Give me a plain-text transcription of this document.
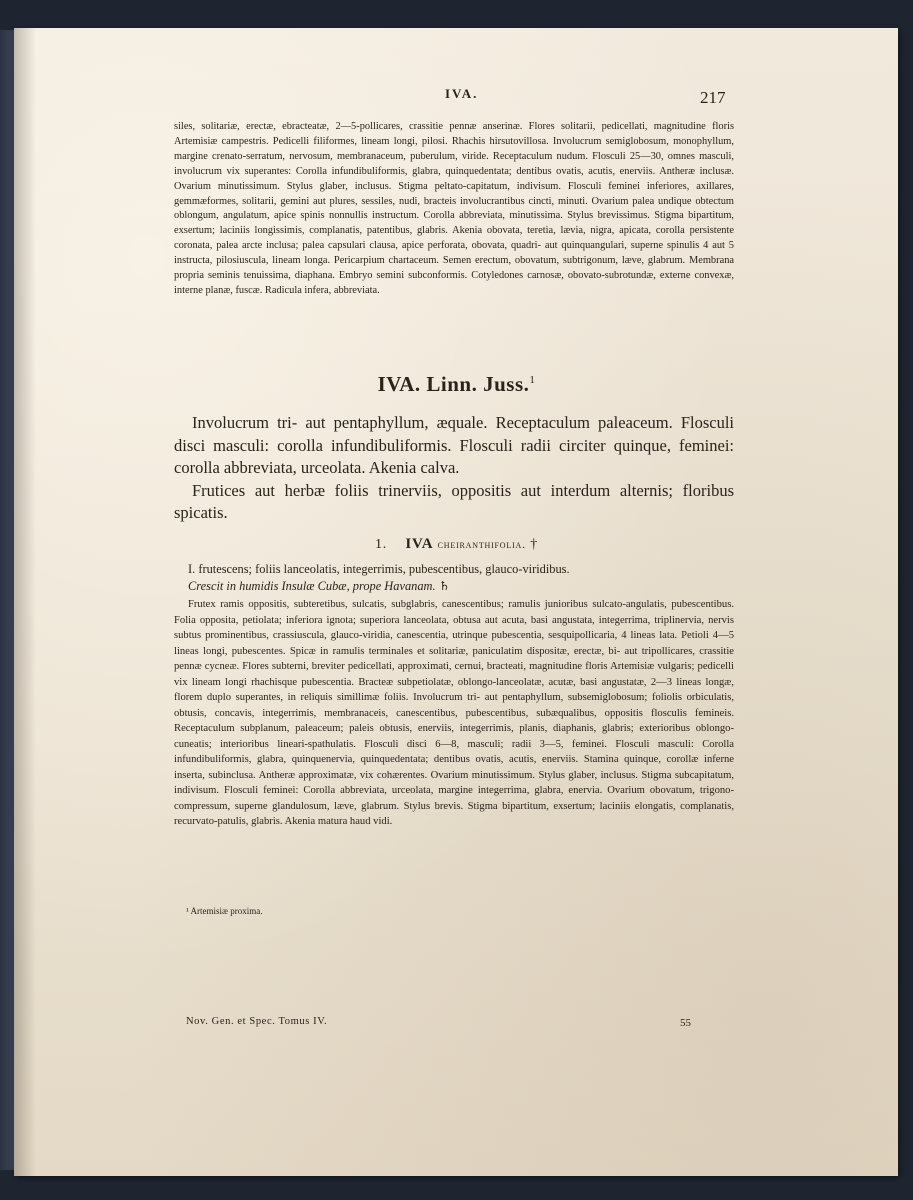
IVA.	217

siles, solitariæ, erectæ, ebracteatæ, 2—5-pollicares, crassitie pennæ anserinæ. Flores solitarii, pedicellati, magnitudine floris Artemisiæ campestris. Pedicelli filiformes, lineam longi, pilosi. Rhachis hirsutovillosa. Involucrum semiglobosum, monophyllum, margine crenato-serratum, nervosum, membranaceum, puberulum, viride. Receptaculum nudum. Flosculi 25—30, omnes masculi, involucrum vix superantes: Corolla infundibuliformis, glabra, quinquedentata; dentibus ovatis, acutis, enerviis. Antheræ inclusæ. Ovarium minutissimum. Stylus glaber, inclusus. Stigma peltato-capitatum, indivisum. Flosculi feminei inferiores, axillares, gemmæformes, solitarii, gemini aut plures, sessiles, nudi, bracteis involucrantibus cincti, minuti. Ovarium palea undique obtectum oblongum, angulatum, apice spinis nonnullis instructum. Corolla abbreviata, minutissima. Stylus brevissimus. Stigma bipartitum, exsertum; laciniis longissimis, complanatis, patentibus, glabris. Akenia obovata, teretia, lævia, nigra, apicata, corolla persistente coronata, palea arcte inclusa; palea capsulari clausa, apice perforata, obovata, quadri- aut quinquangulari, superne spinulis 4 aut 5 instructa, pilosiuscula, lineam longa. Pericarpium chartaceum. Semen erectum, obovatum, subtrigonum, læve, glabrum. Membrana propria seminis tenuissima, diaphana. Embryo semini subconformis. Cotyledones carnosæ, obovato-subrotundæ, externe convexæ, interne planæ, fuscæ. Radicula infera, abbreviata.

IVA. Linn. Juss.$^1$

Involucrum tri- aut pentaphyllum, æquale. Receptaculum paleaceum. Flosculi disci masculi: corolla infundibuliformis. Flosculi radii circiter quinque, feminei: corolla abbreviata, urceolata. Akenia calva.

Frutices aut herbæ foliis trinerviis, oppositis aut interdum alternis; floribus spicatis.

1. IVA cheiranthifolia. †

I. frutescens; foliis lanceolatis, integerrimis, pubescentibus, glauco-viridibus.

Crescit in humidis Insulæ Cubæ, prope Havanam. ♄

Frutex ramis oppositis, subteretibus, sulcatis, subglabris, canescentibus; ramulis junioribus sulcato-angulatis, pubescentibus. Folia opposita, petiolata; inferiora ignota; superiora lanceolata, obtusa aut acuta, basi angustata, integerrima, triplinervia, nervis subtus prominentibus, crassiuscula, glauco-viridia, canescentia, utrinque pubescentia, sesquipollicaria, 4 lineas lata. Petioli 4—5 lineas longi, pubescentes. Spicæ in ramulis terminales et solitariæ, paniculatim dispositæ, erectæ, bi- aut tripollicares, crassitie pennæ cycneæ. Flores subterni, breviter pedicellati, approximati, cernui, bracteati, magnitudine floris Artemisiæ vulgaris; pedicelli vix lineam longi rhachisque pubescentia. Bracteæ subpetiolatæ, oblongo-lanceolatæ, acutæ, basi angustatæ, 2—3 lineas longæ, florem duplo superantes, in reliquis simillimæ foliis. Involucrum tri- aut pentaphyllum, subsemiglobosum; foliolis orbiculatis, obtusis, concavis, integerrimis, membranaceis, canescentibus, pubescentibus, subæqualibus, oppositis flosculis femineis. Receptaculum subplanum, paleaceum; paleis obtusis, enerviis, integerrimis, planis, diaphanis, glabris; exterioribus oblongo-cuneatis; interioribus lineari-spathulatis. Flosculi disci 6—8, masculi; radii 3—5, feminei. Flosculi masculi: Corolla infundibuliformis, glabra, quinquenervia, quinquedentata; dentibus ovatis, acutis, enerviis. Stamina quinque, corollæ inferne inserta, subinclusa. Antheræ approximatæ, vix cohærentes. Ovarium minutissimum. Stylus glaber, inclusus. Stigma subcapitatum, indivisum. Flosculi feminei: Corolla abbreviata, urceolata, margine integerrima, glabra, enervia. Ovarium obovatum, trigono-compressum, superne glandulosum, læve, glabrum. Stylus brevis. Stigma bipartitum, exsertum; laciniis elongatis, complanatis, recurvato-patulis, glabris. Akenia matura haud vidi.

¹ Artemisiæ proxima.
Nov. Gen. et Spec. Tomus IV.	55
